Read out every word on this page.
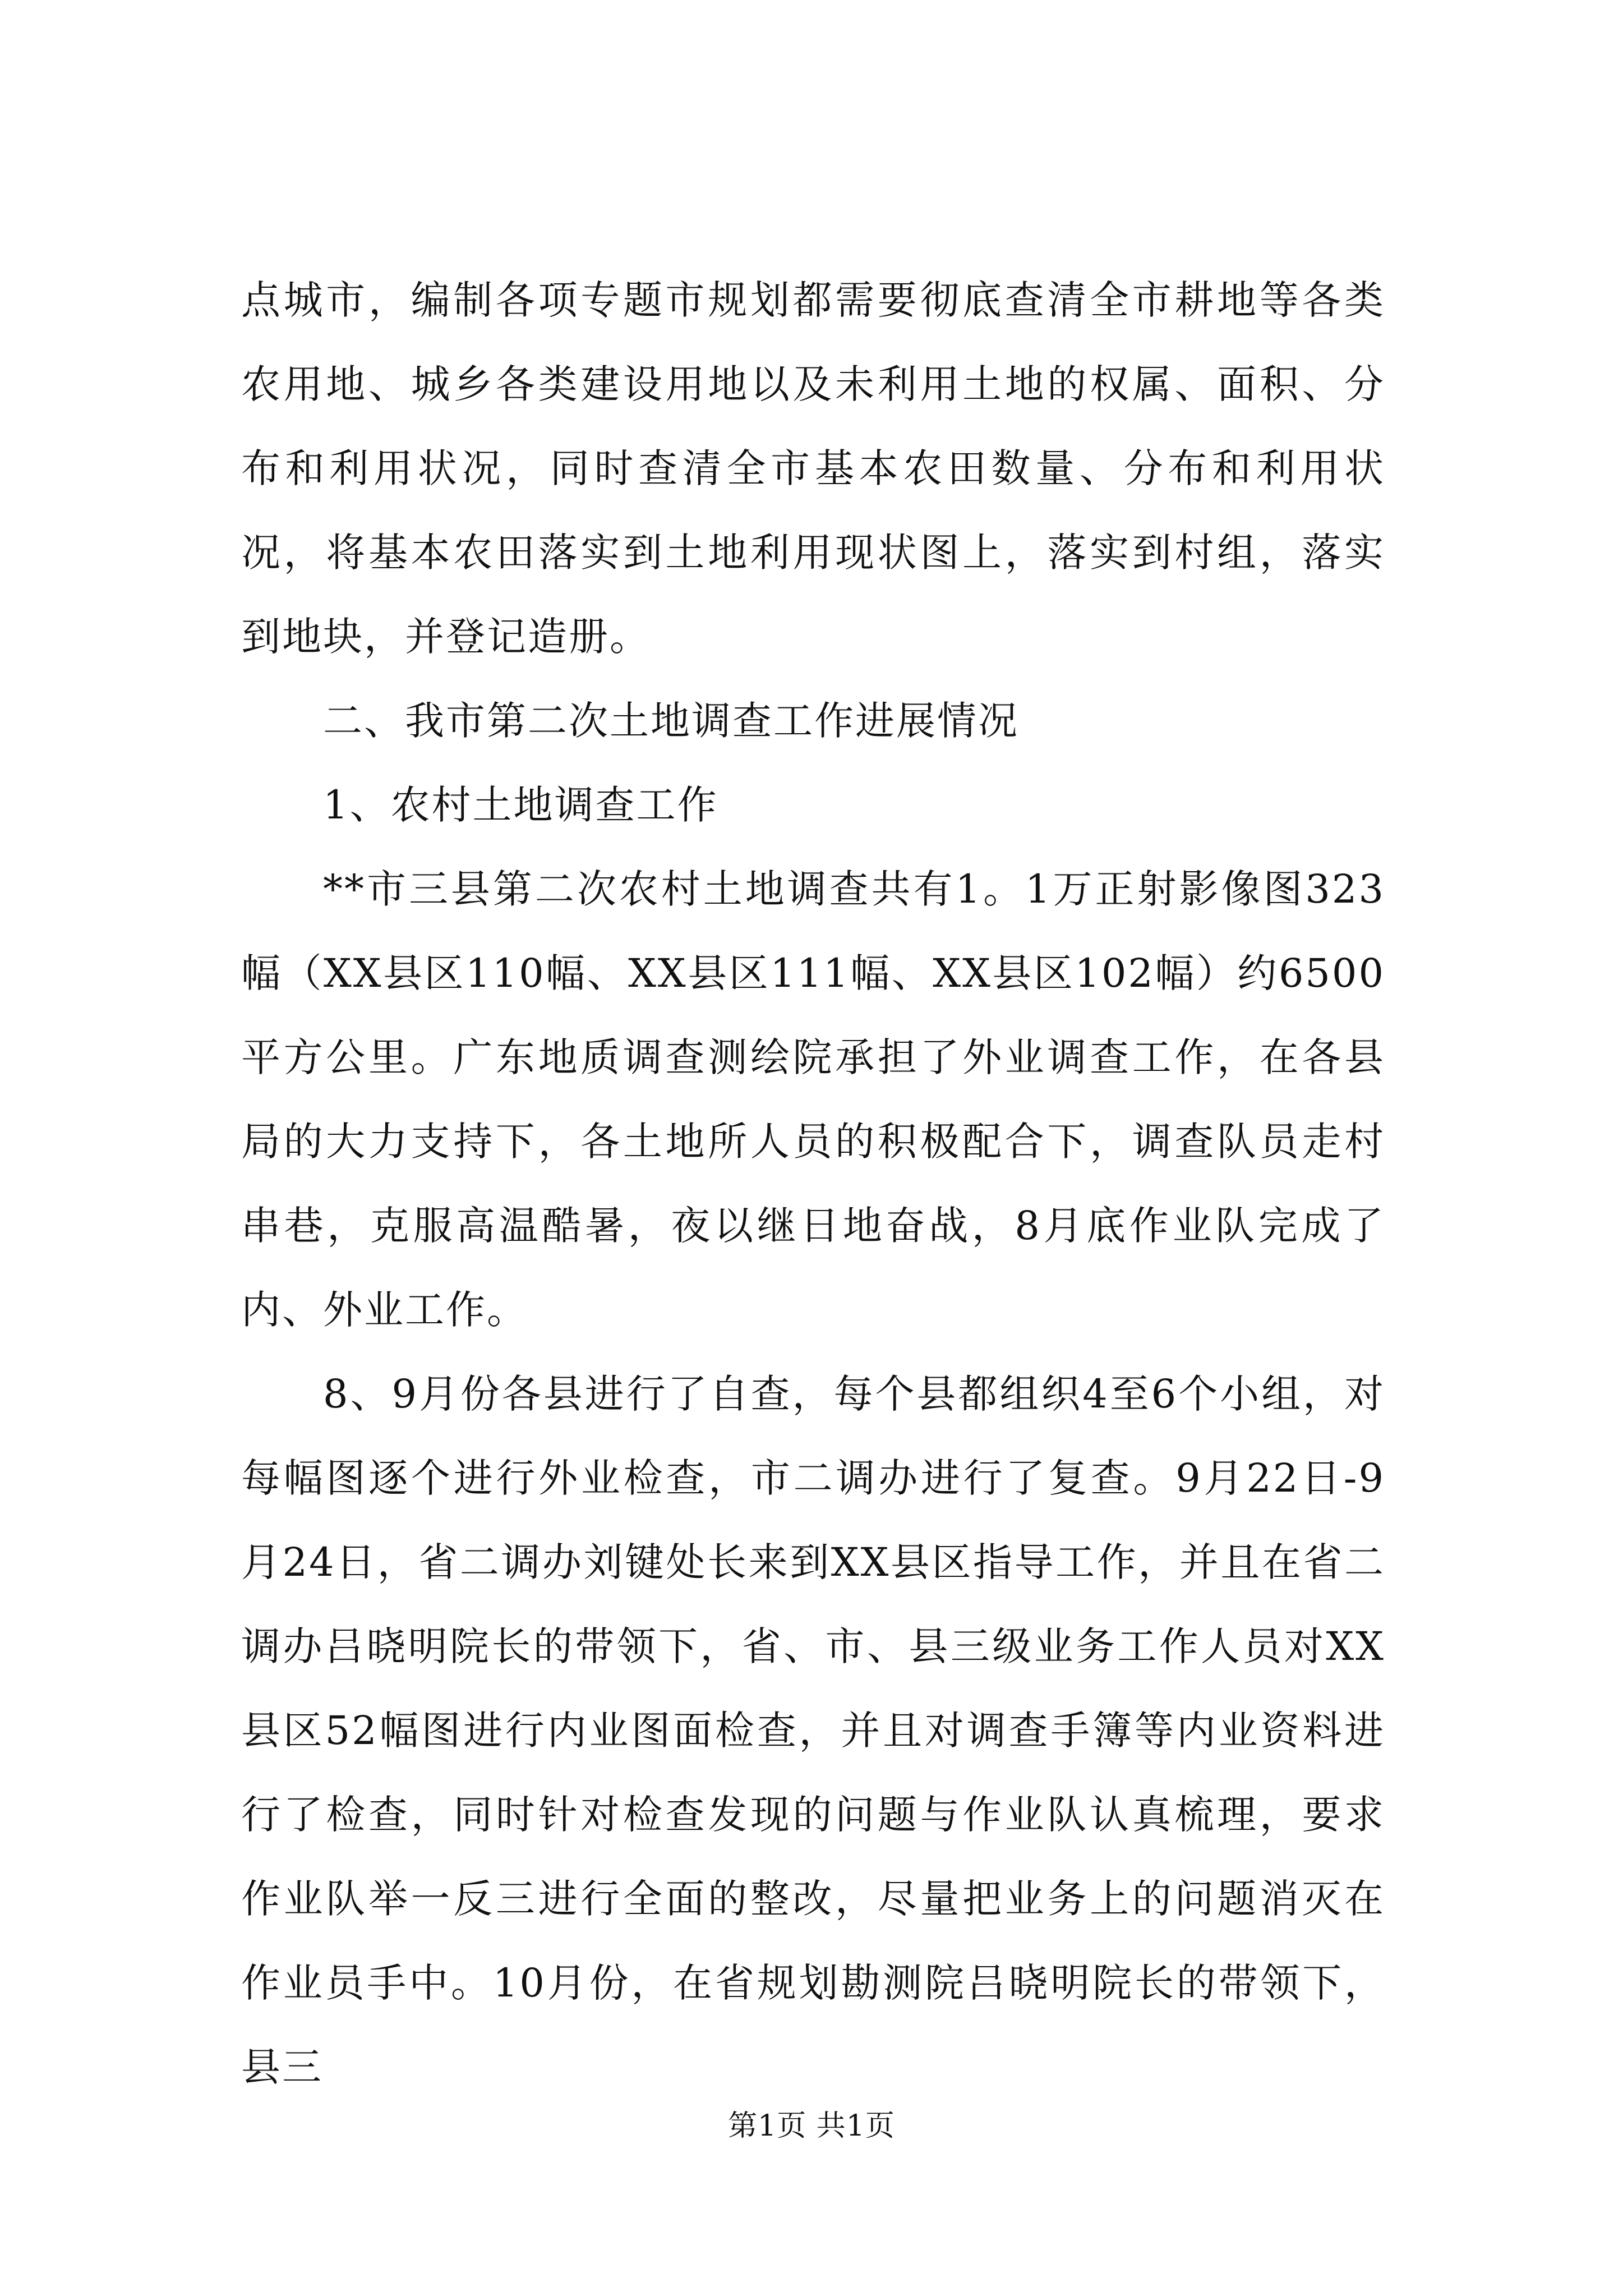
点城市，编制各项专题市规划都需要彻底查清全市耕地等各类农用地、城乡各类建设用地以及未利用土地的权属、面积、分布和利用状况，同时查清全市基本农田数量、分布和利用状况，将基本农田落实到土地利用现状图上，落实到村组，落实到地块，并登记造册。

二、我市第二次土地调查工作进展情况

1、农村土地调查工作

**市三县第二次农村土地调查共有1。1万正射影像图323幅（XX县区110幅、XX县区111幅、XX县区102幅）约6500平方公里。广东地质调查测绘院承担了外业调查工作，在各县局的大力支持下，各土地所人员的积极配合下，调查队员走村串巷，克服高温酷暑，夜以继日地奋战，8月底作业队完成了内、外业工作。

8、9月份各县进行了自查，每个县都组织4至6个小组，对每幅图逐个进行外业检查，市二调办进行了复查。9月22日-9月24日，省二调办刘键处长来到XX县区指导工作，并且在省二调办吕晓明院长的带领下，省、市、县三级业务工作人员对XX县区52幅图进行内业图面检查，并且对调查手簿等内业资料进行了检查，同时针对检查发现的问题与作业队认真梳理，要求作业队举一反三进行全面的整改，尽量把业务上的问题消灭在作业员手中。10月份，在省规划勘测院吕晓明院长的带领下，县三

第1页 共1页
